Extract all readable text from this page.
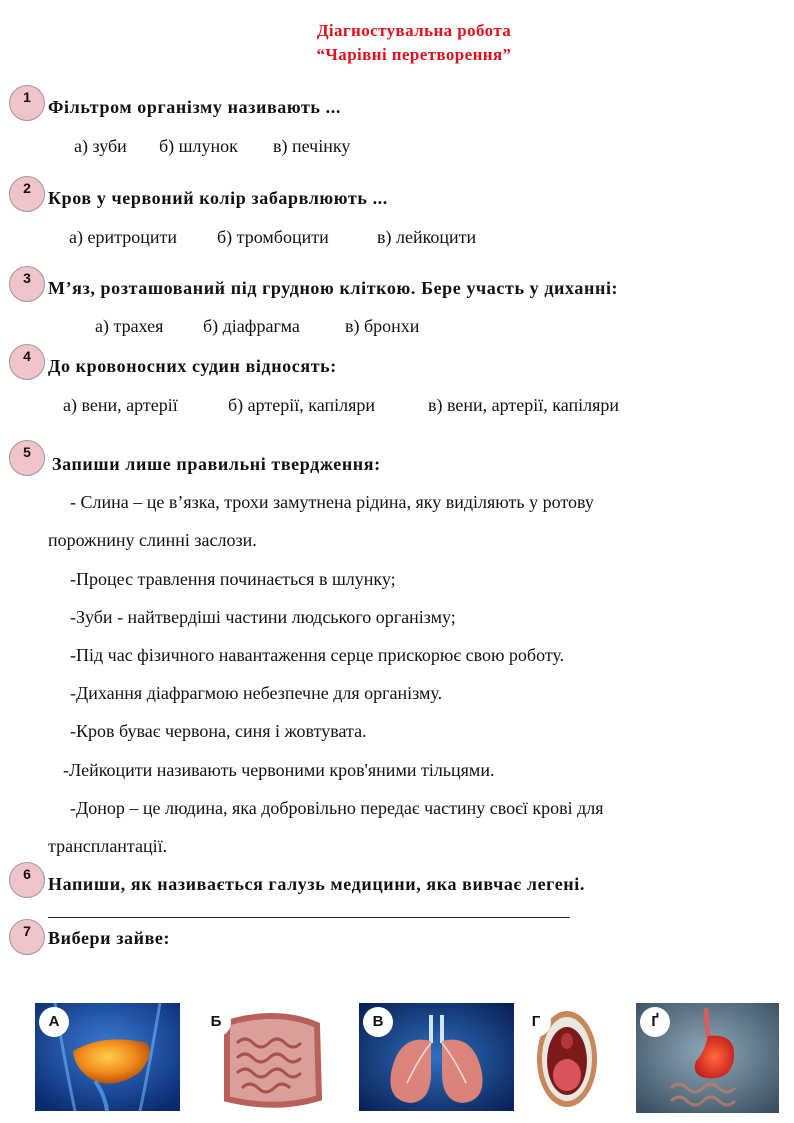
Діагностувальна робота
“Чарівні перетворення”
1 Фільтром організму називають ...
а) зуби б) шлунок в) печінку
2 Кров у червоний колір забарвлюють ...
а) еритроцити б) тромбоцити	в) лейкоцити
3 М’яз, розташований під грудною кліткою. Бере участь у диханні:
а) трахея б) діафрагма	в) бронхи
4 До кровоносних судин відносять:
а) вени, артерії	б) артерії, капіляри	в) вени, артерії, капіляри
5
Запиши лише правильні твердження:
- Слина – це в’язка, трохи замутнена рідина, яку виділяють у ротову
порожнину слинні заслози.
-Процес травлення починається в шлунку;
-Зуби - найтвердіші частини людського організму;
-Під час фізичного навантаження серце прискорює свою роботу.
-Дихання діафрагмою небезпечне для організму.
-Кров буває червона, синя і жовтувата.
-Лейкоцити називають червоними кров'яними тільцями.
-Донор – це людина, яка добровільно передає частину своєї крові для
трансплантації.
6 Напиши, як називається галузь медицини, яка вивчає легені.
7 Вибери зайве:
А	Б	В	Г	Ґ
